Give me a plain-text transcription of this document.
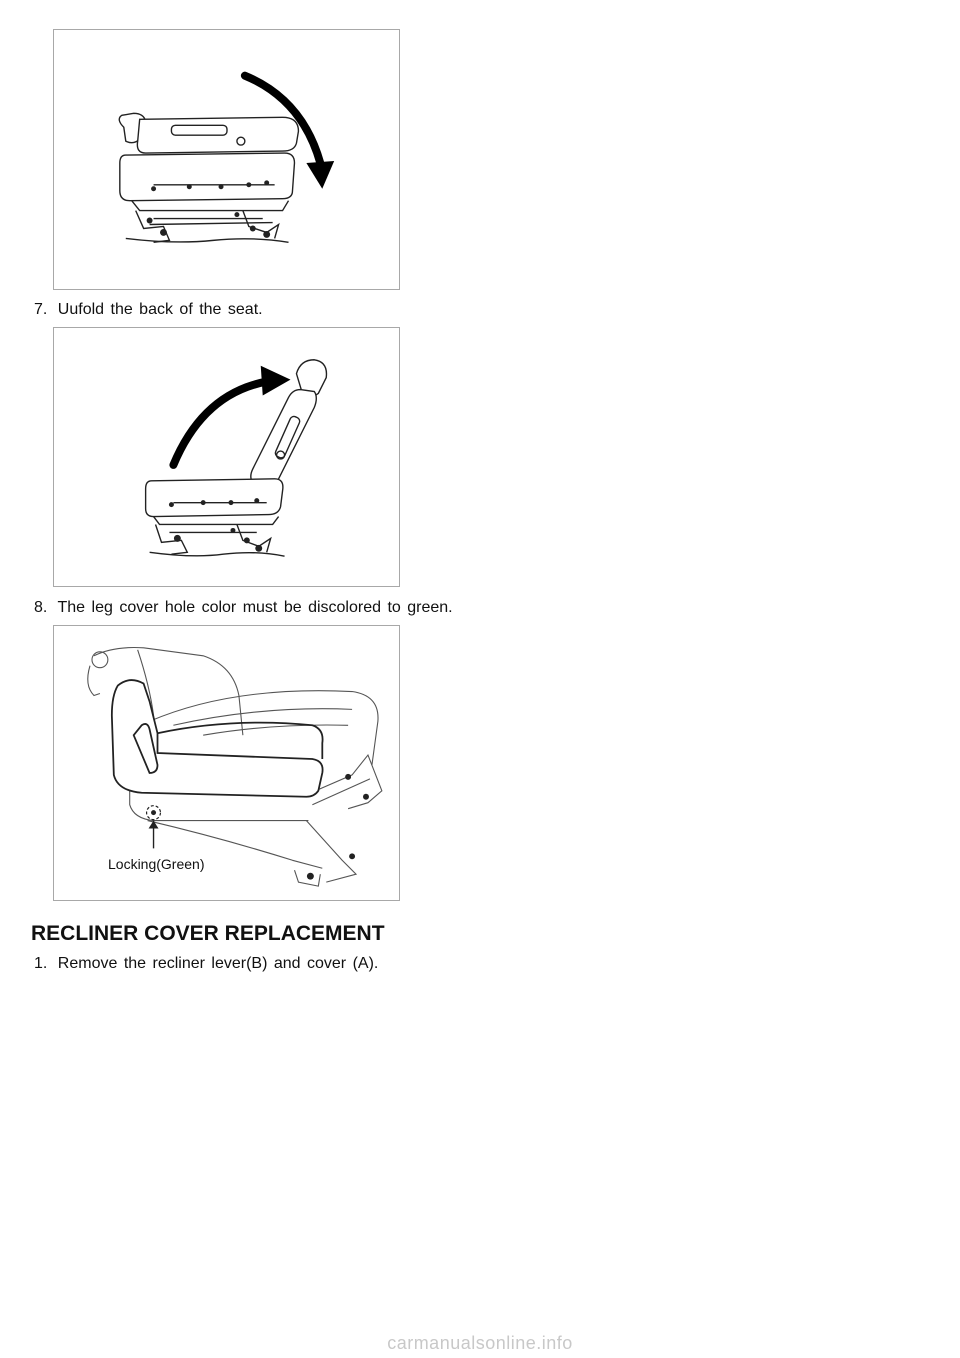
7. Uufold the back of the seat.
8. The leg cover hole color must be discolored to green.
Locking(Green)
RECLINER COVER REPLACEMENT
1. Remove the recliner lever(B) and cover (A).
carmanualsonline.info
